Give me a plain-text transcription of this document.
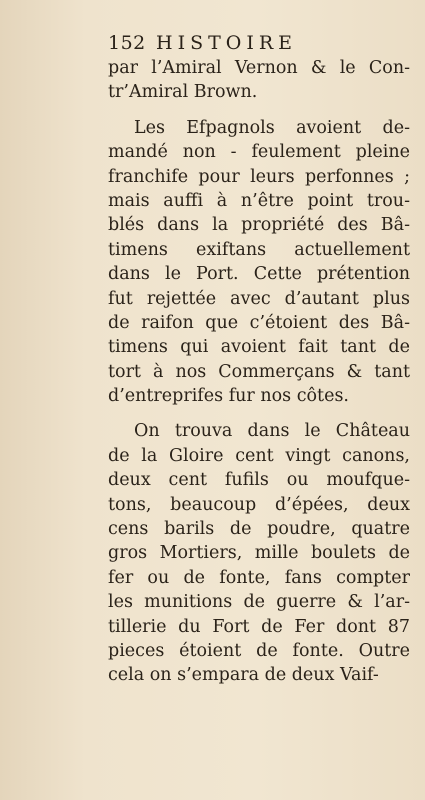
152 HISTOIRE
par l’Amiral Vernon & le Con-
tr’Amiral Brown.
Les Efpagnols avoient de-
mandé non - feulement pleine
franchife pour leurs perfonnes ;
mais auffi à n’être point trou-
blés dans la propriété des Bâ-
timens exiftans actuellement
dans le Port. Cette prétention
fut rejettée avec d’autant plus
de raifon que c’étoient des Bâ-
timens qui avoient fait tant de
tort à nos Commerçans & tant
d’entreprifes fur nos côtes.
On trouva dans le Château
de la Gloire cent vingt canons,
deux cent fufils ou moufque-
tons, beaucoup d’épées, deux
cens barils de poudre, quatre
gros Mortiers, mille boulets de
fer ou de fonte, fans compter
les munitions de guerre & l’ar-
tillerie du Fort de Fer dont 87
pieces étoient de fonte. Outre
cela on s’empara de deux Vaif-
